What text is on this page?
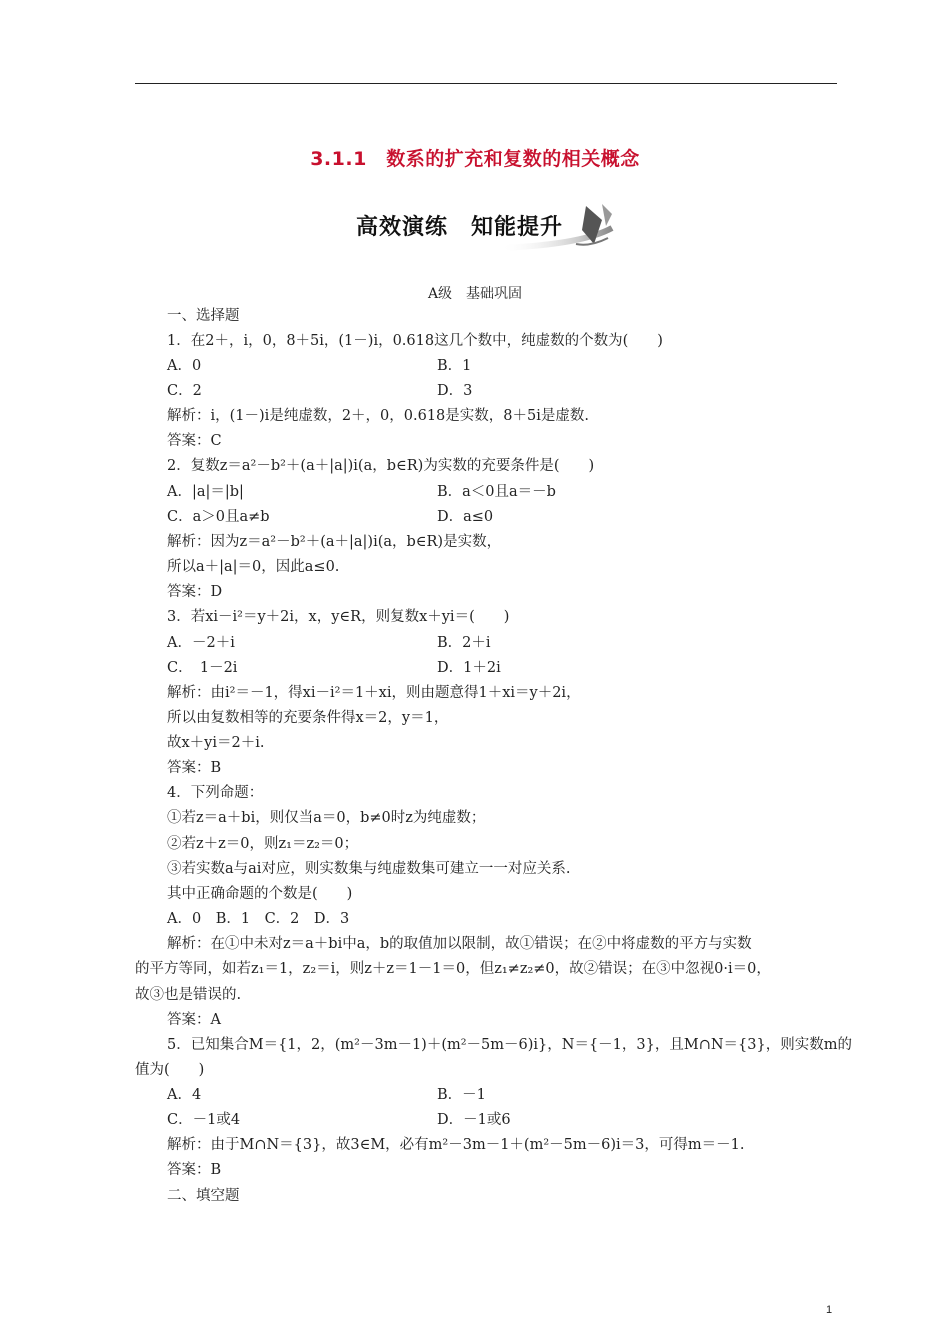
3.1.1　数系的扩充和复数的相关概念
高效演练　知能提升
A级　基础巩固
一、选择题
1．在2＋，i，0，8＋5i，(1－)i，0.618这几个数中，纯虚数的个数为(　　)
A．0	B．1
C．2	D．3
解析：i，(1－)i是纯虚数，2＋，0，0.618是实数，8＋5i是虚数.
答案：C
2．复数z＝a²－b²＋(a＋|a|)i(a，b∈R)为实数的充要条件是(　　)
A．|a|＝|b|	B．a＜0且a＝－b
C．a＞0且a≠b	D．a≤0
解析：因为z＝a²－b²＋(a＋|a|)i(a，b∈R)是实数，
所以a＋|a|＝0，因此a≤0.
答案：D
3．若xi－i²＝y＋2i，x，y∈R，则复数x＋yi＝(　　)
A．－2＋i	B．2＋i
C．　1－2i	D．1＋2i
解析：由i²＝－1，得xi－i²＝1＋xi，则由题意得1＋xi＝y＋2i，
所以由复数相等的充要条件得x＝2，y＝1，
故x＋yi＝2＋i.
答案：B
4．下列命题：
①若z＝a＋bi，则仅当a＝0，b≠0时z为纯虚数；
②若z＋z＝0，则z₁＝z₂＝0；
③若实数a与ai对应，则实数集与纯虚数集可建立一一对应关系.
其中正确命题的个数是(　　)
A．0　B．1　C．2　D．3
解析：在①中未对z＝a＋bi中a，b的取值加以限制，故①错误；在②中将虚数的平方与实数
的平方等同，如若z₁＝1，z₂＝i，则z＋z＝1－1＝0，但z₁≠z₂≠0，故②错误；在③中忽视0·i＝0，
故③也是错误的.
答案：A
5．已知集合M＝{1，2，(m²－3m－1)＋(m²－5m－6)i}，N＝{－1，3}，且M∩N＝{3}，则实数m的
值为(　　)
A．4	B．－1
C．－1或4	D．－1或6
解析：由于M∩N＝{3}，故3∈M，必有m²－3m－1＋(m²－5m－6)i＝3，可得m＝－1.
答案：B
二、填空题
1
